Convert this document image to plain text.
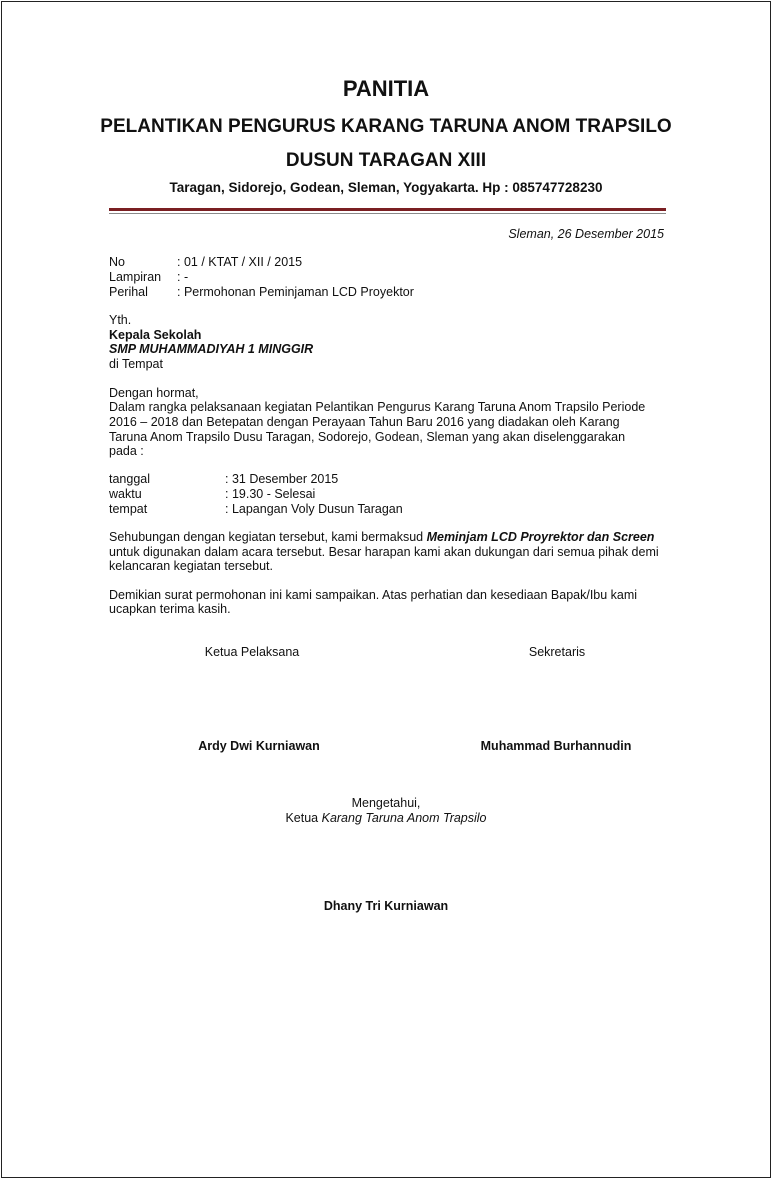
PANITIA
PELANTIKAN PENGURUS KARANG TARUNA ANOM TRAPSILO
DUSUN TARAGAN XIII
Taragan, Sidorejo, Godean, Sleman, Yogyakarta. Hp : 085747728230
Sleman, 26 Desember 2015
No	: 01 / KTAT / XII / 2015
Lampiran : -
Perihal : Permohonan Peminjaman LCD Proyektor
Yth.
Kepala Sekolah
SMP MUHAMMADIYAH 1 MINGGIR
di Tempat
Dengan hormat,
Dalam rangka pelaksanaan kegiatan Pelantikan Pengurus Karang Taruna Anom Trapsilo Periode
2016 – 2018 dan Betepatan dengan Perayaan Tahun Baru 2016 yang diadakan oleh Karang
Taruna Anom Trapsilo Dusu Taragan, Sodorejo, Godean, Sleman yang akan diselenggarakan
pada :
tanggal	: 31 Desember 2015
waktu	: 19.30 - Selesai
tempat	: Lapangan Voly Dusun Taragan
Sehubungan dengan kegiatan tersebut, kami bermaksud Meminjam LCD Proyrektor dan Screen
untuk digunakan dalam acara tersebut. Besar harapan kami akan dukungan dari semua pihak demi
kelancaran kegiatan tersebut.
Demikian surat permohonan ini kami sampaikan. Atas perhatian dan kesediaan Bapak/Ibu kami
ucapkan terima kasih.
Ketua Pelaksana	Sekretaris
Ardy Dwi Kurniawan	Muhammad Burhannudin
Mengetahui,
Ketua Karang Taruna Anom Trapsilo
Dhany Tri Kurniawan
